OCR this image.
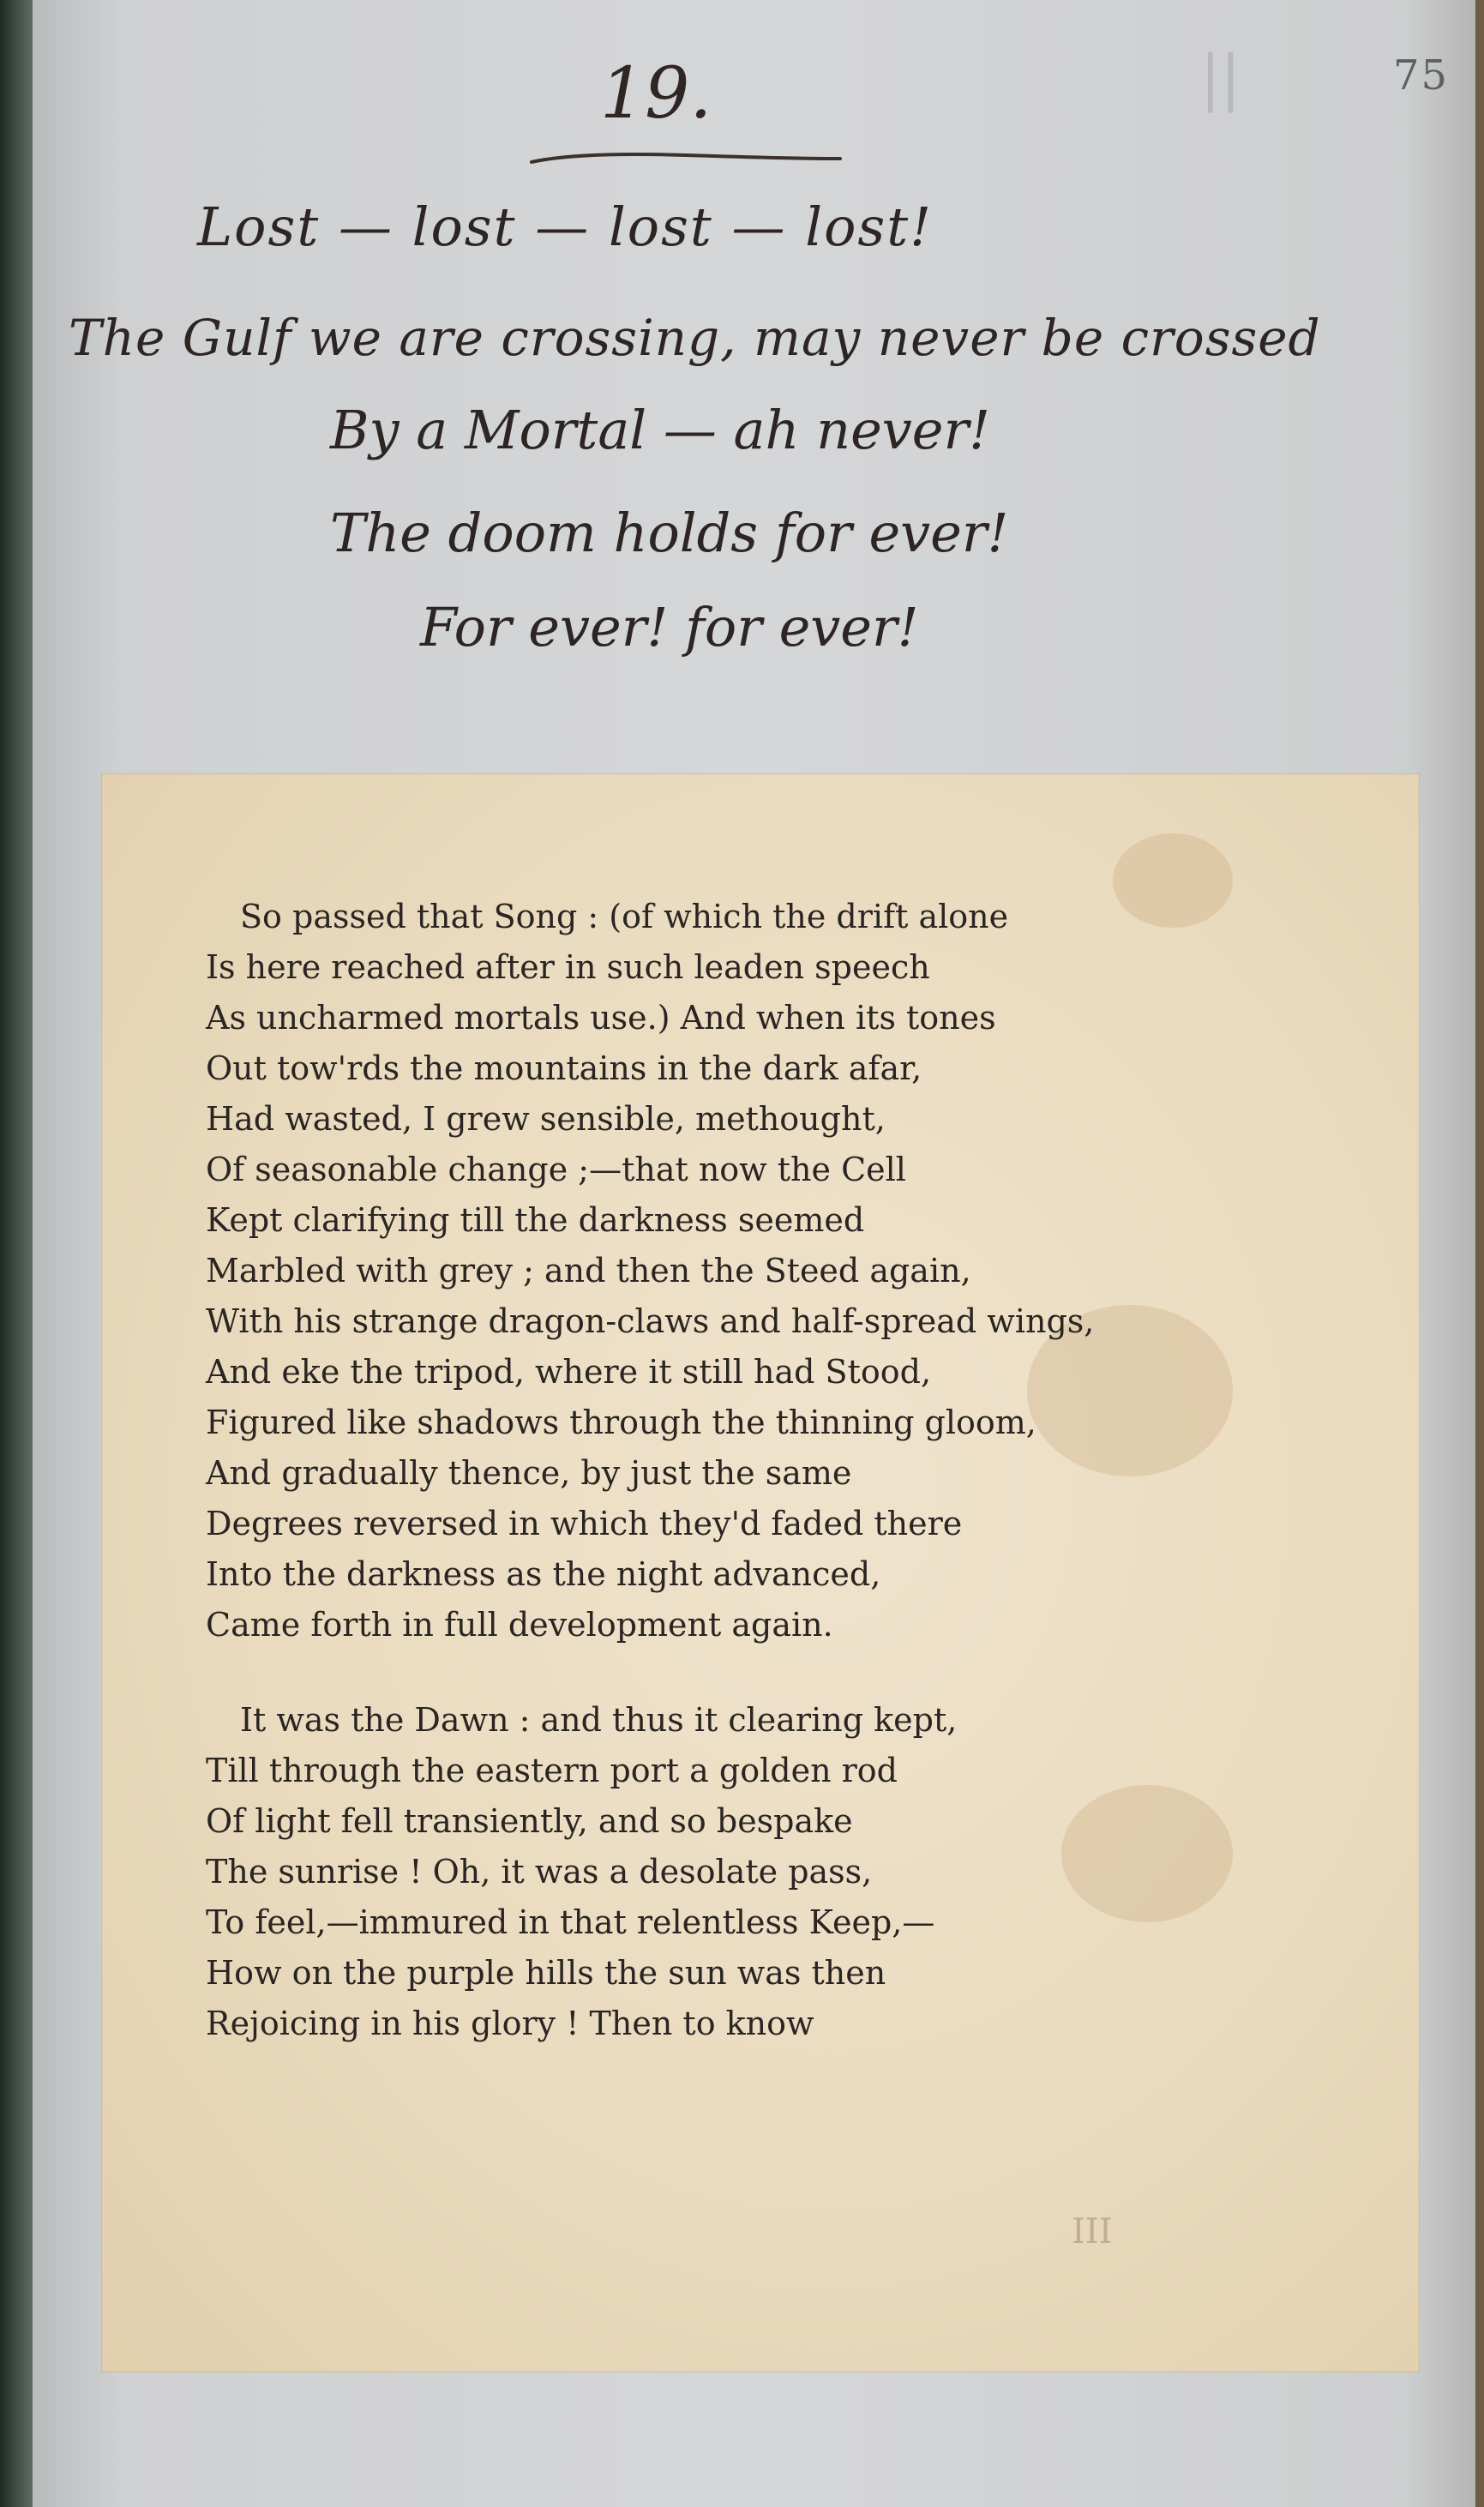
75
||
19.
Lost — lost — lost — lost!
The Gulf we are crossing, may never be crossed
By a Mortal — ah never!
The doom holds for ever!
For ever! for ever!

So passed that Song : (of which the drift alone
Is here reached after in such leaden speech
As uncharmed mortals use.) And when its tones
Out tow'rds the mountains in the dark afar,
Had wasted, I grew sensible, methought,
Of seasonable change ;—that now the Cell
Kept clarifying till the darkness seemed
Marbled with grey ; and then the Steed again,
With his strange dragon-claws and half-spread wings,
And eke the tripod, where it still had Stood,
Figured like shadows through the thinning gloom,
And gradually thence, by just the same
Degrees reversed in which they'd faded there
Into the darkness as the night advanced,
Came forth in full development again.

It was the Dawn : and thus it clearing kept,
Till through the eastern port a golden rod
Of light fell transiently, and so bespake
The sunrise ! Oh, it was a desolate pass,
To feel,—immured in that relentless Keep,—
How on the purple hills the sun was then
Rejoicing in his glory ! Then to know

III
